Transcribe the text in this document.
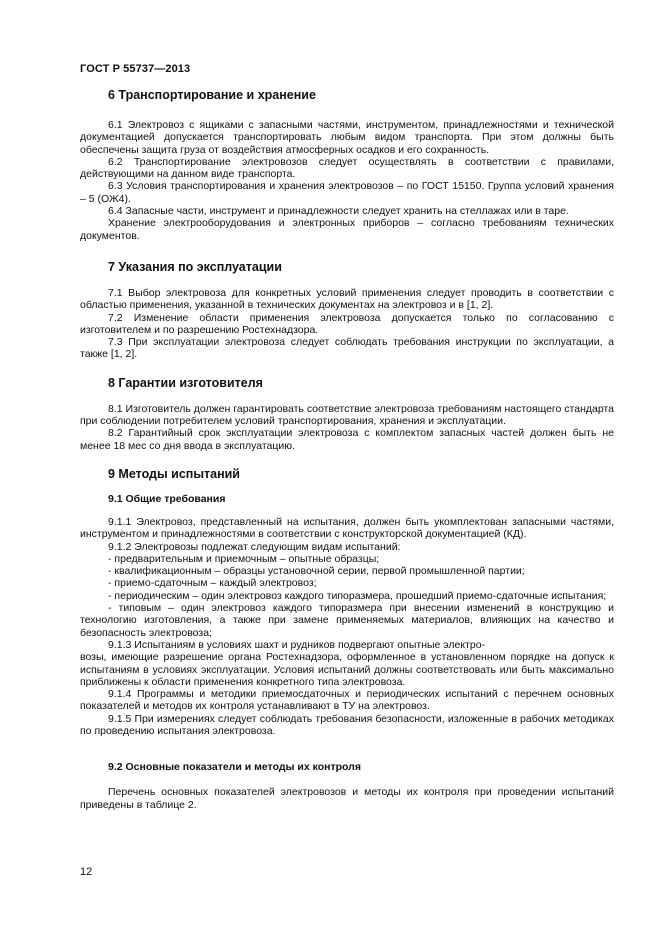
ГОСТ Р 55737—2013
6 Транспортирование и хранение

6.1 Электровоз с ящиками с запасными частями, инструментом, принадлежностями и технической документацией допускается транспортировать любым видом транспорта. При этом должны быть обеспечены защита груза от воздействия атмосферных осадков и его сохранность.

6.2 Транспортирование электровозов следует осуществлять в соответствии с правилами, действующими на данном виде транспорта.

6.3 Условия транспортирования и хранения электровозов – по ГОСТ 15150. Группа условий хранения – 5 (ОЖ4).

6.4 Запасные части, инструмент и принадлежности следует хранить на стеллажах или в таре.

Хранение электрооборудования и электронных приборов – согласно требованиям технических документов.

7 Указания по эксплуатации

7.1 Выбор электровоза для конкретных условий применения следует проводить в соответствии с областью применения, указанной в технических документах на электровоз и в [1, 2].

7.2 Изменение области применения электровоза допускается только по согласованию с изготовителем и по разрешению Ростехнадзора.

7.3 При эксплуатации электровоза следует соблюдать требования инструкции по эксплуатации, а также [1, 2].

8 Гарантии изготовителя

8.1 Изготовитель должен гарантировать соответствие электровоза требованиям настоящего стандарта при соблюдении потребителем условий транспортирования, хранения и эксплуатации.

8.2 Гарантийный срок эксплуатации электровоза с комплектом запасных частей должен быть не менее 18 мес со дня ввода в эксплуатацию.

9 Методы испытаний
9.1 Общие требования

9.1.1 Электровоз, представленный на испытания, должен быть укомплектован запасными частями, инструментом и принадлежностями в соответствии с конструкторской документацией (КД).

9.1.2 Электровозы подлежат следующим видам испытаний:

- предварительным и приемочным – опытные образцы;

- квалификационным – образцы установочной серии, первой промышленной партии;

- приемо-сдаточным – каждый электровоз;

- периодическим – один электровоз каждого типоразмера, прошедший приемо-сдаточные испытания;

- типовым – один электровоз каждого типоразмера при внесении изменений в конструкцию и технологию изготовления, а также при замене применяемых материалов, влияющих на качество и безопасность электровоза;

9.1.3 Испытаниям в условиях шахт и рудников подвергают опытные электро-

возы, имеющие разрешение органа Ростехнадзора, оформленное в установленном порядке на допуск к испытаниям в условиях эксплуатации. Условия испытаний должны соответствовать или быть максимально приближены к области применения конкретного типа электровоза.

9.1.4 Программы и методики приемосдаточных и периодических испытаний с перечнем основных показателей и методов их контроля устанавливают в ТУ на электровоз.

9.1.5 При измерениях следует соблюдать требования безопасности, изложенные в рабочих методиках по проведению испытания электровоза.

9.2 Основные показатели и методы их контроля

Перечень основных показателей электровозов и методы их контроля при проведении испытаний приведены в таблице 2.

12
